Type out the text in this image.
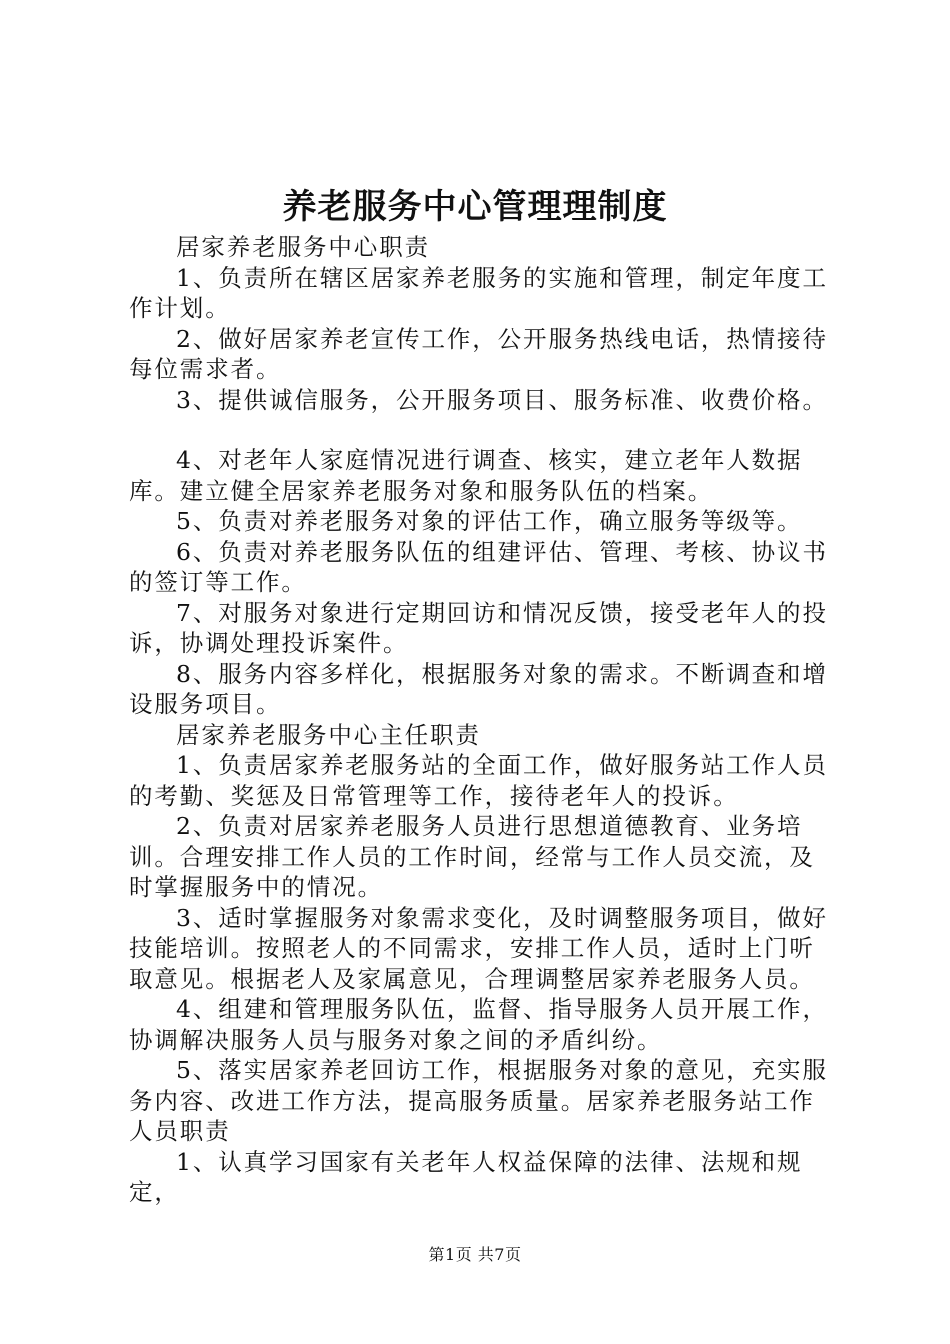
养老服务中心管理理制度

居家养老服务中心职责

1、负责所在辖区居家养老服务的实施和管理，制定年度工作计划。

2、做好居家养老宣传工作，公开服务热线电话，热情接待每位需求者。

3、提供诚信服务，公开服务项目、服务标准、收费价格。

4、对老年人家庭情况进行调查、核实，建立老年人数据库。建立健全居家养老服务对象和服务队伍的档案。

5、负责对养老服务对象的评估工作，确立服务等级等。

6、负责对养老服务队伍的组建评估、管理、考核、协议书的签订等工作。

7、对服务对象进行定期回访和情况反馈，接受老年人的投诉，协调处理投诉案件。

8、服务内容多样化，根据服务对象的需求。不断调查和增设服务项目。

居家养老服务中心主任职责

1、负责居家养老服务站的全面工作，做好服务站工作人员的考勤、奖惩及日常管理等工作，接待老年人的投诉。

2、负责对居家养老服务人员进行思想道德教育、业务培训。合理安排工作人员的工作时间，经常与工作人员交流，及时掌握服务中的情况。

3、适时掌握服务对象需求变化，及时调整服务项目，做好技能培训。按照老人的不同需求，安排工作人员，适时上门听取意见。根据老人及家属意见，合理调整居家养老服务人员。

4、组建和管理服务队伍，监督、指导服务人员开展工作，协调解决服务人员与服务对象之间的矛盾纠纷。

5、落实居家养老回访工作，根据服务对象的意见，充实服务内容、改进工作方法，提高服务质量。居家养老服务站工作人员职责

1、认真学习国家有关老年人权益保障的法律、法规和规定，

第1页 共7页
